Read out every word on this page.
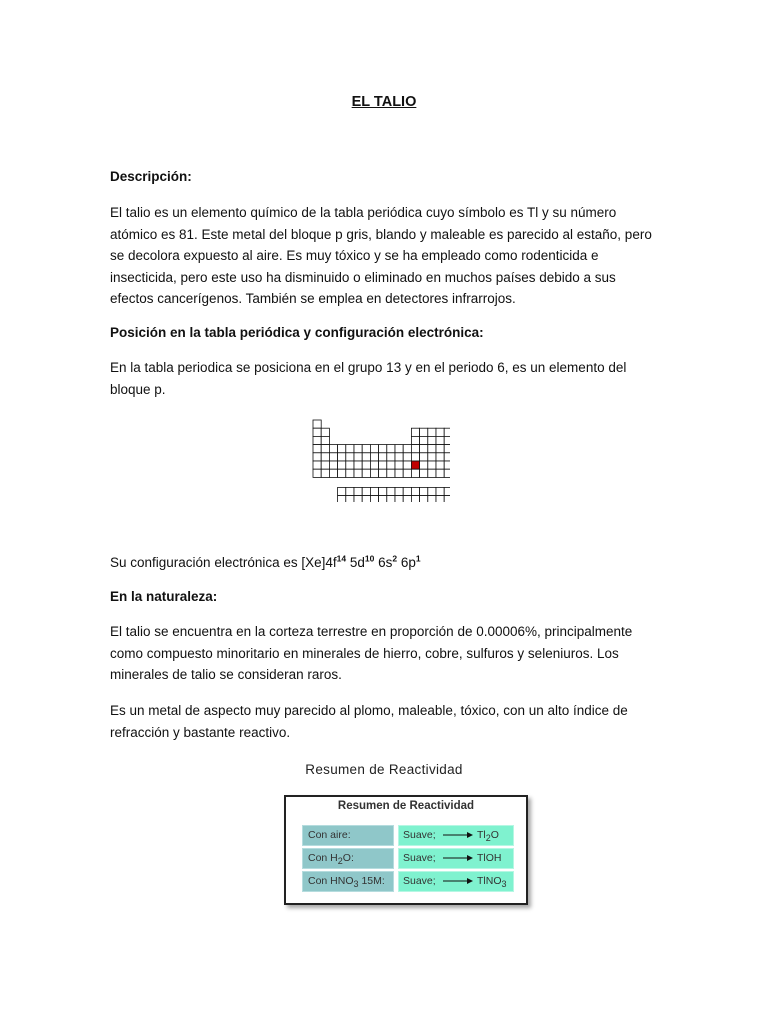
EL TALIO
Descripción:
El talio es un elemento químico de la tabla periódica cuyo símbolo es Tl y su número atómico es 81. Este metal del bloque p gris, blando y maleable es parecido al estaño, pero se decolora expuesto al aire. Es muy tóxico y se ha empleado como rodenticida e insecticida, pero este uso ha disminuido o eliminado en muchos países debido a sus efectos cancerígenos. También se emplea en detectores infrarrojos.
Posición en la tabla periódica y configuración electrónica:
En la tabla periodica se posiciona en el grupo 13 y en el periodo 6, es un elemento del bloque p.
Su configuración electrónica es $[Xe]4f^{14}$ $5d^{10}$ $6s^2$ $6p^1$
En la naturaleza:
El talio se encuentra en la corteza terrestre en proporción de 0.00006%, principalmente como compuesto minoritario en minerales de hierro, cobre, sulfuros y seleniuros. Los minerales de talio se consideran raros.
Es un metal de aspecto muy parecido al plomo, maleable, tóxico, con un alto índice de refracción y bastante reactivo.
Resumen de Reactividad
Resumen de Reactividad
Con aire:	Suave;	$Tl_2O$
Con $H_2O$:	Suave;	TlOH
Con $HNO_3$ 15M:	Suave;	TlNO$_3$
